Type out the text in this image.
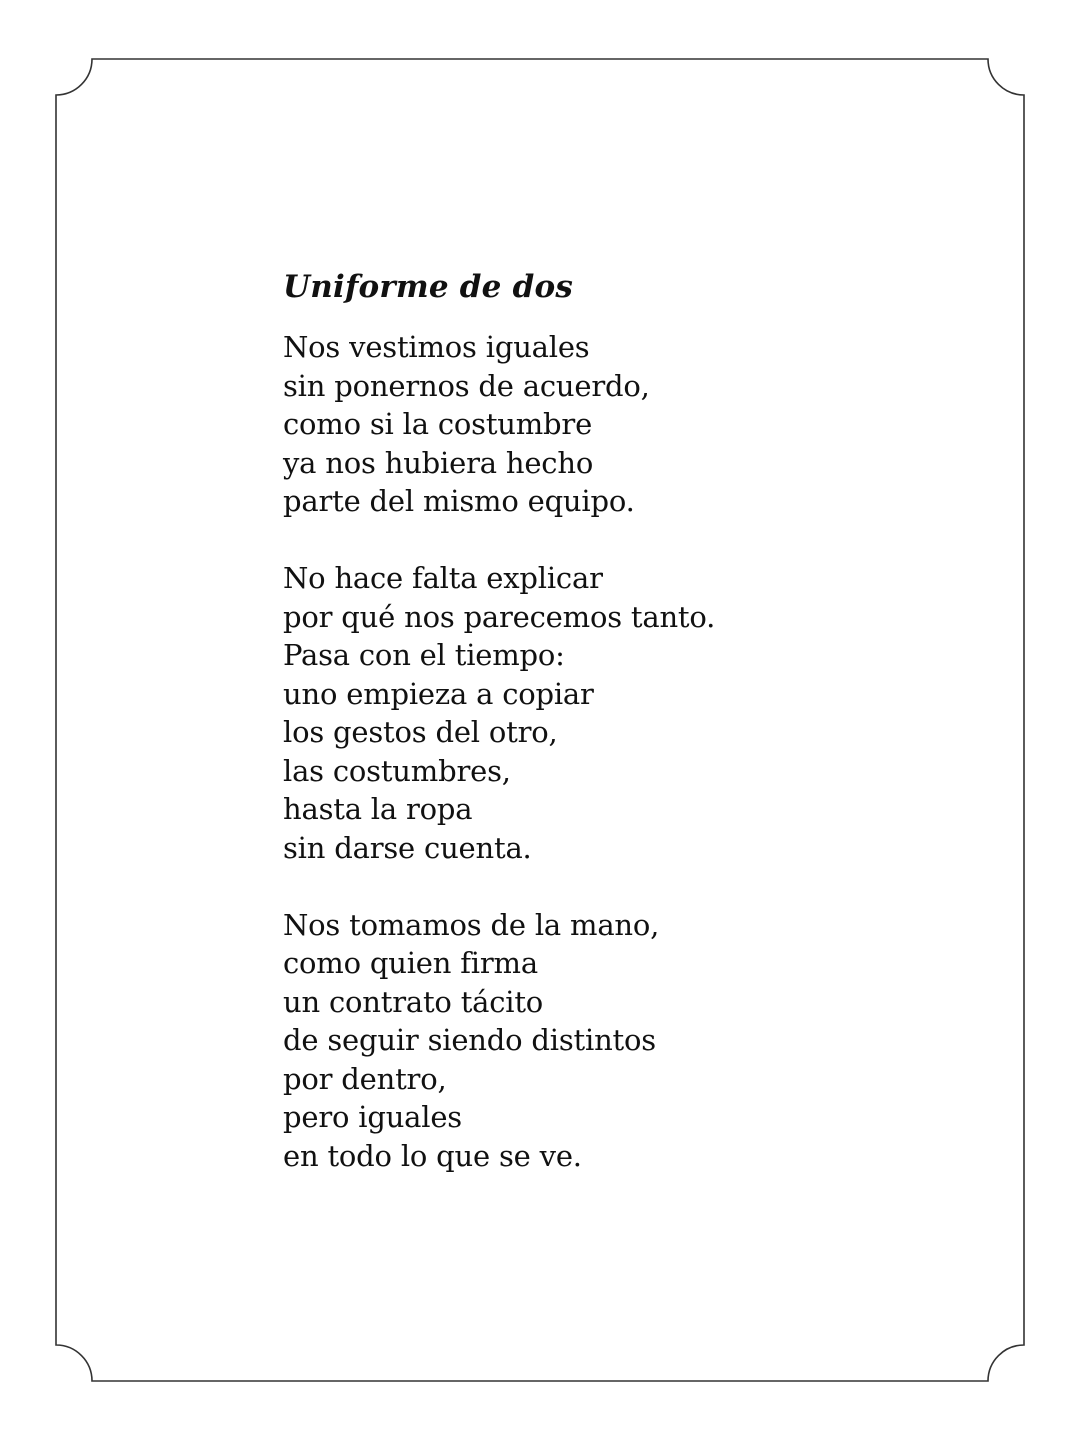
Uniforme de dos

Nos vestimos iguales
sin ponernos de acuerdo,
como si la costumbre
ya nos hubiera hecho
parte del mismo equipo.

No hace falta explicar
por qué nos parecemos tanto.
Pasa con el tiempo:
uno empieza a copiar
los gestos del otro,
las costumbres,
hasta la ropa
sin darse cuenta.

Nos tomamos de la mano,
como quien firma
un contrato tácito
de seguir siendo distintos
por dentro,
pero iguales
en todo lo que se ve.
